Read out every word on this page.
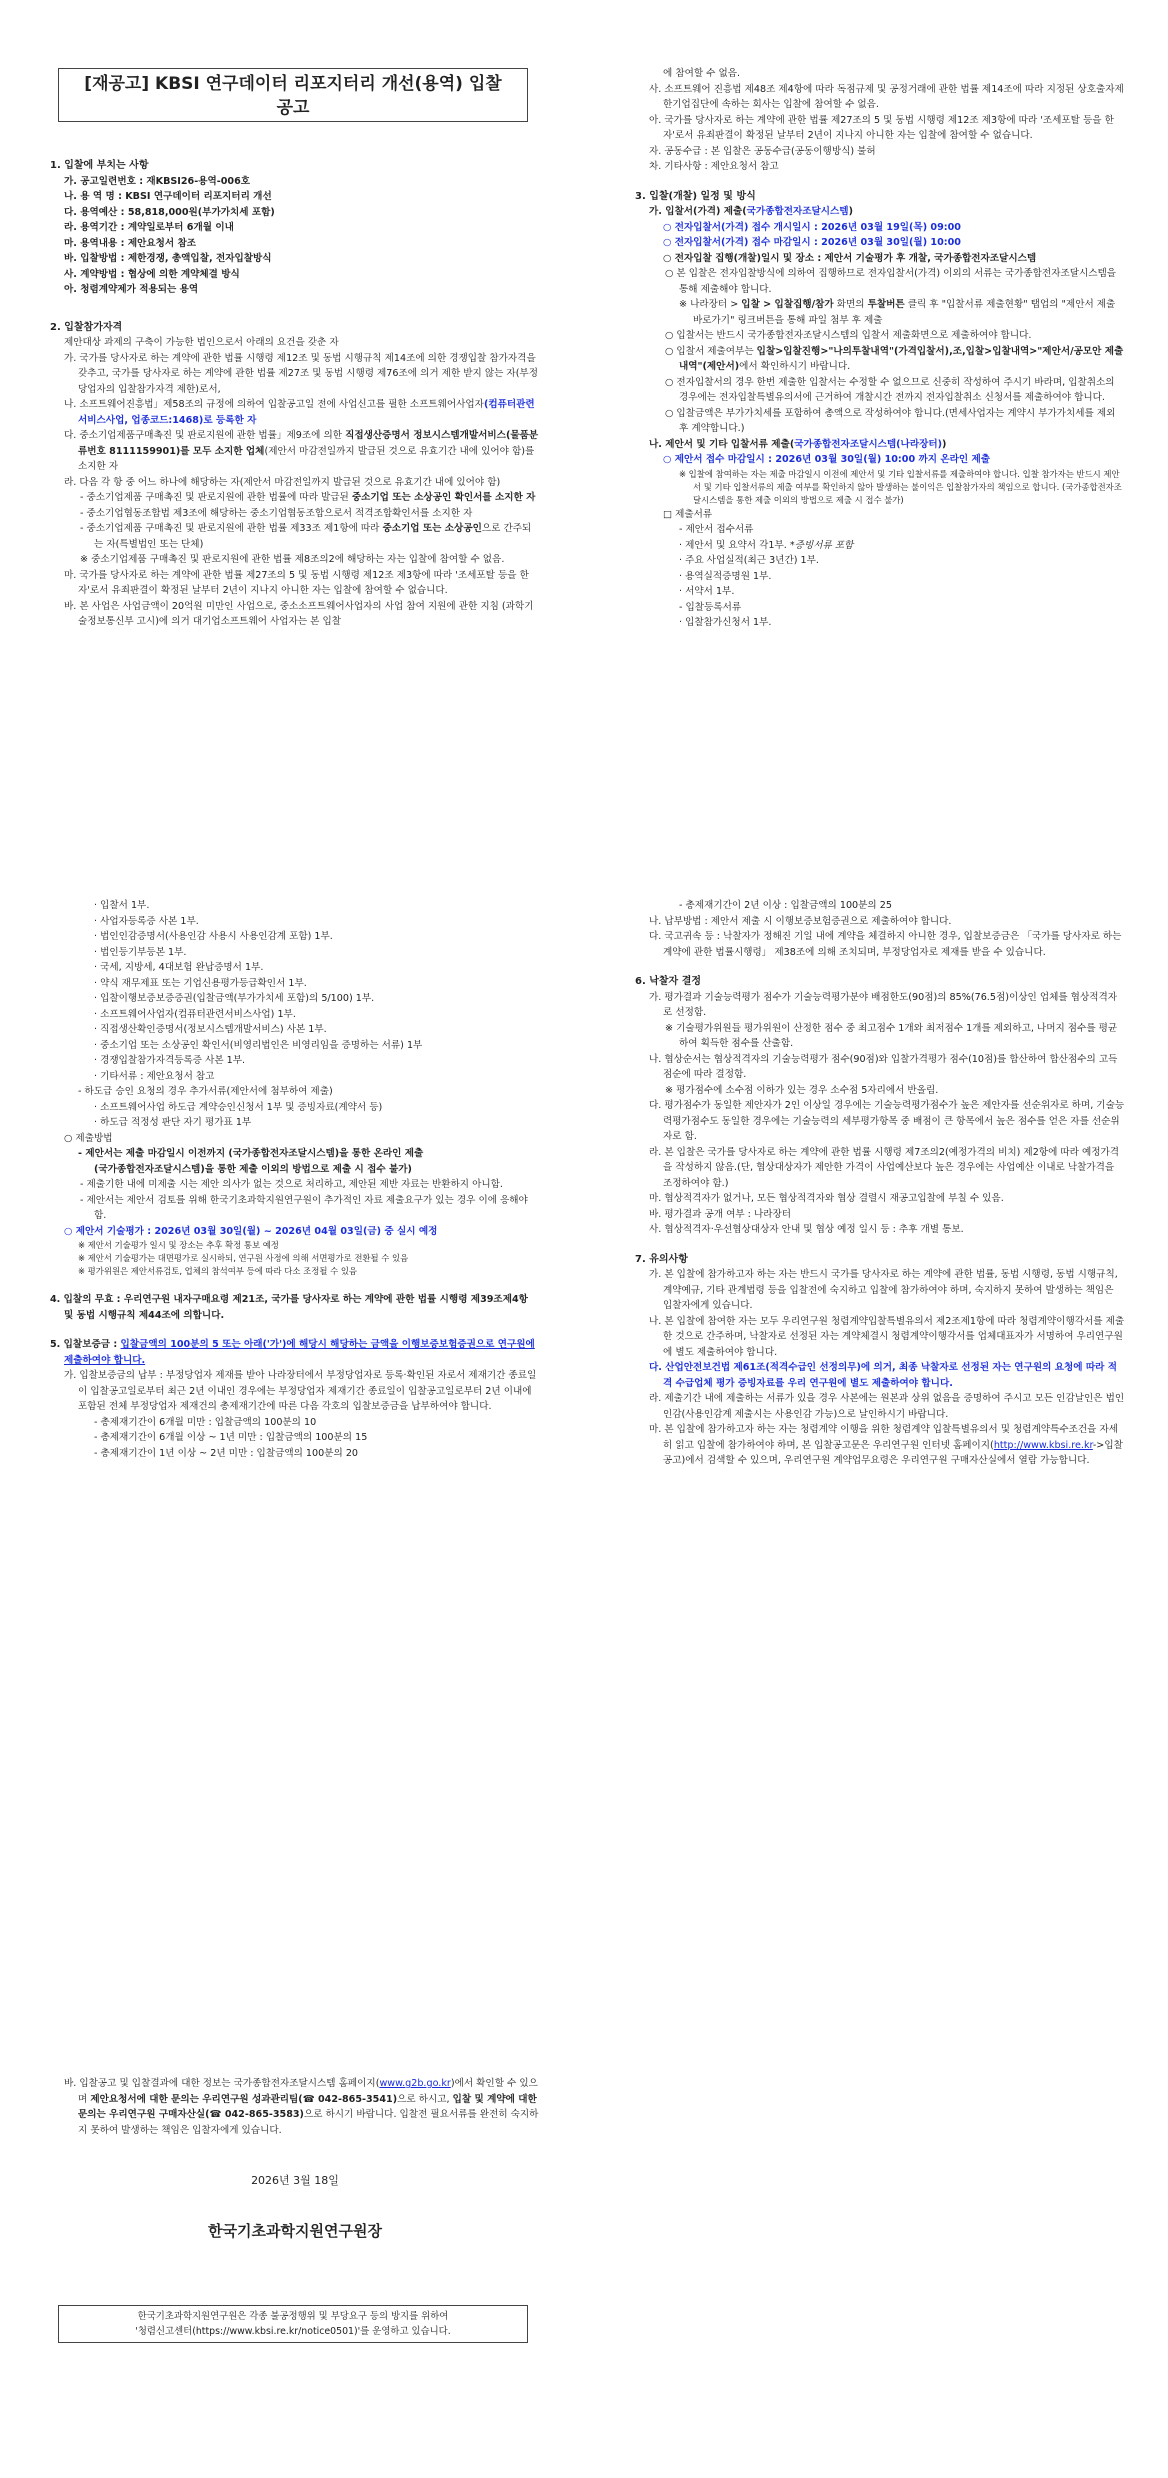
[재공고] KBSI 연구데이터 리포지터리 개선(용역) 입찰
공고

1. 입찰에 부치는 사항

가. 공고일련번호 : 재KBSI26-용역-006호

나. 용 역 명 : KBSI 연구데이터 리포지터리 개선

다. 용역예산 : 58,818,000원(부가가치세 포함)

라. 용역기간 : 계약일로부터 6개월 이내

마. 용역내용 : 제안요청서 참조

바. 입찰방법 : 제한경쟁, 총액입찰, 전자입찰방식

사. 계약방법 : 협상에 의한 계약체결 방식

아. 청렴계약제가 적용되는 용역

2. 입찰참가자격

제안대상 과제의 구축이 가능한 법인으로서 아래의 요건을 갖춘 자

가. 국가를 당사자로 하는 계약에 관한 법률 시행령 제12조 및 동법 시행규칙 제14조에 의한 경쟁입찰 참가자격을 갖추고, 국가를 당사자로 하는 계약에 관한 법률 제27조 및 동법 시행령 제76조에 의거 제한 받지 않는 자(부정당업자의 입찰참가자격 제한)로서,

나. 소프트웨어진흥법」제58조의 규정에 의하여 입찰공고일 전에 사업신고를 필한 소프트웨어사업자(컴퓨터관련서비스사업, 업종코드:1468)로 등록한 자

다. 중소기업제품구매촉진 및 판로지원에 관한 법률」제9조에 의한 직접생산증명서 정보시스템개발서비스(물품분류번호 8111159901)를 모두 소지한 업체(제안서 마감전일까지 발급된 것으로 유효기간 내에 있어야 함)를 소지한 자

라. 다음 각 항 중 어느 하나에 해당하는 자(제안서 마감전일까지 발급된 것으로 유효기간 내에 있어야 함)

- 중소기업제품 구매촉진 및 판로지원에 관한 법률에 따라 발급된 중소기업 또는 소상공인 확인서를 소지한 자

- 중소기업협동조합법 제3조에 해당하는 중소기업협동조합으로서 적격조합확인서를 소지한 자

- 중소기업제품 구매촉진 및 판로지원에 관한 법률 제33조 제1항에 따라 중소기업 또는 소상공인으로 간주되는 자(특별법인 또는 단체)

※ 중소기업제품 구매촉진 및 판로지원에 관한 법률 제8조의2에 해당하는 자는 입찰에 참여할 수 없음.

마. 국가를 당사자로 하는 계약에 관한 법률 제27조의 5 및 동법 시행령 제12조 제3항에 따라 '조세포탈 등을 한 자'로서 유죄판결이 확정된 날부터 2년이 지나지 아니한 자는 입찰에 참여할 수 없습니다.

바. 본 사업은 사업금액이 20억원 미만인 사업으로, 중소소프트웨어사업자의 사업 참여 지원에 관한 지침 (과학기술정보통신부 고시)에 의거 대기업소프트웨어 사업자는 본 입찰

에 참여할 수 없음.

사. 소프트웨어 진흥법 제48조 제4항에 따라 독점규제 및 공정거래에 관한 법률 제14조에 따라 지정된 상호출자제한기업집단에 속하는 회사는 입찰에 참여할 수 없음.

아. 국가를 당사자로 하는 계약에 관한 법률 제27조의 5 및 동법 시행령 제12조 제3항에 따라 '조세포탈 등을 한 자'로서 유죄판결이 확정된 날부터 2년이 지나지 아니한 자는 입찰에 참여할 수 없습니다.

자. 공동수급 : 본 입찰은 공동수급(공동이행방식) 불허

차. 기타사항 : 제안요청서 참고

3. 입찰(개찰) 일정 및 방식

가. 입찰서(가격) 제출(국가종합전자조달시스템)

○ 전자입찰서(가격) 접수 개시일시 : 2026년 03월 19일(목) 09:00

○ 전자입찰서(가격) 접수 마감일시 : 2026년 03월 30일(월) 10:00

○ 전자입찰 집행(개찰)일시 및 장소 : 제안서 기술평가 후 개찰, 국가종합전자조달시스템

○ 본 입찰은 전자입찰방식에 의하여 집행하므로 전자입찰서(가격) 이외의 서류는 국가종합전자조달시스템을 통해 제출해야 합니다.

※ 나라장터 > 입찰 > 입찰집행/참가 화면의 투찰버튼 클릭 후 "입찰서류 제출현황" 탭업의 "제안서 제출 바로가기" 링크버튼을 통해 파일 첨부 후 제출

○ 입찰서는 반드시 국가종합전자조달시스템의 입찰서 제출화면으로 제출하여야 합니다.

○ 입찰서 제출여부는 입찰>입찰진행>"나의투찰내역"(가격입찰서),조,입찰>입찰내역>"제안서/공모안 제출내역"(제안서)에서 확인하시기 바랍니다.

○ 전자입찰서의 경우 한번 제출한 입찰서는 수정할 수 없으므로 신중히 작성하여 주시기 바라며, 입찰취소의 경우에는 전자입찰특별유의서에 근거하여 개찰시간 전까지 전자입찰취소 신청서를 제출하여야 합니다.

○ 입찰금액은 부가가치세를 포함하여 총액으로 작성하여야 합니다.(면세사업자는 계약시 부가가치세를 제외 후 계약합니다.)

나. 제안서 및 기타 입찰서류 제출(국가종합전자조달시스템(나라장터))

○ 제안서 접수 마감일시 : 2026년 03월 30일(월) 10:00 까지 온라인 제출

※ 입찰에 참여하는 자는 제출 마감일시 이전에 제안서 및 기타 입찰서류를 제출하여야 합니다. 입찰 참가자는 반드시 제안서 및 기타 입찰서류의 제출 여부를 확인하지 않아 발생하는 불이익은 입찰참가자의 책임으로 합니다. (국가종합전자조달시스템을 통한 제출 이외의 방법으로 제출 시 접수 불가)

□ 제출서류

- 제안서 접수서류

· 제안서 및 요약서 각1부. *증빙서류 포함

· 주요 사업실적(최근 3년간) 1부.

· 용역실적증명원 1부.

· 서약서 1부.

- 입찰등록서류

· 입찰참가신청서 1부.

· 입찰서 1부.

· 사업자등록증 사본 1부.

· 법인인감증명서(사용인감 사용시 사용인감계 포함) 1부.

· 법인등기부등본 1부.

· 국세, 지방세, 4대보험 완납증명서 1부.

· 약식 재무제표 또는 기업신용평가등급확인서 1부.

· 입찰이행보증보증증권(입찰금액(부가가치세 포함)의 5/100) 1부.

· 소프트웨어사업자(컴퓨터관련서비스사업) 1부.

· 직접생산확인증명서(정보시스템개발서비스) 사본 1부.

· 중소기업 또는 소상공인 확인서(비영리법인은 비영리임을 증명하는 서류) 1부

· 경쟁입찰참가자격등록증 사본 1부.

· 기타서류 : 제안요청서 참고

- 하도급 승인 요청의 경우 추가서류(제안서에 첨부하여 제출)

· 소프트웨어사업 하도급 계약승인신청서 1부 및 증빙자료(계약서 등)

· 하도급 적정성 판단 자기 평가표 1부

○ 제출방법

- 제안서는 제출 마감일시 이전까지 (국가종합전자조달시스템)을 통한 온라인 제출

(국가종합전자조달시스템)을 통한 제출 이외의 방법으로 제출 시 접수 불가)

- 제출기한 내에 미제출 시는 제안 의사가 없는 것으로 처리하고, 제안된 제반 자료는 반환하지 아니함.

- 제안서는 제안서 검토를 위해 한국기초과학지원연구원이 추가적인 자료 제출요구가 있는 경우 이에 응해야 함.

○ 제안서 기술평가 : 2026년 03월 30일(월) ~ 2026년 04월 03일(금) 중 실시 예정

※ 제안서 기술평가 일시 및 장소는 추후 확정 통보 예정

※ 제안서 기술평가는 대면평가로 실시하되, 연구원 사정에 의해 서면평가로 전환될 수 있음

※ 평가위원은 제안서류검토, 업체의 참석여부 등에 따라 다소 조정될 수 있음

4. 입찰의 무효 : 우리연구원 내자구매요령 제21조, 국가를 당사자로 하는 계약에 관한 법률 시행령 제39조제4항 및 동법 시행규칙 제44조에 의합니다.

5. 입찰보증금 : 입찰금액의 100분의 5 또는 아래('가')에 해당시 해당하는 금액을 이행보증보험증권으로 연구원에 제출하여야 합니다.

가. 입찰보증금의 납부 : 부정당업자 제재를 받아 나라장터에서 부정당업자로 등록·확인된 자로서 제재기간 종료일이 입찰공고일로부터 최근 2년 이내인 경우에는 부정당업자 제재기간 종료일이 입찰공고일로부터 2년 이내에 포함된 전체 부정당업자 제재건의 총제재기간에 따른 다음 각호의 입찰보증금을 납부하여야 합니다.

- 총제재기간이 6개월 미만 : 입찰금액의 100분의 10

- 총제재기간이 6개월 이상 ~ 1년 미만 : 입찰금액의 100분의 15

- 총제재기간이 1년 이상 ~ 2년 미만 : 입찰금액의 100분의 20

- 총제재기간이 2년 이상 : 입찰금액의 100분의 25

나. 납부방법 : 제안서 제출 시 이행보증보험증권으로 제출하여야 합니다.

다. 국고귀속 등 : 낙찰자가 정해진 기일 내에 계약을 체결하지 아니한 경우, 입찰보증금은 「국가를 당사자로 하는 계약에 관한 법률시행령」 제38조에 의해 조치되며, 부정당업자로 제재를 받을 수 있습니다.

6. 낙찰자 결정

가. 평가결과 기술능력평가 점수가 기술능력평가분야 배점한도(90점)의 85%(76.5점)이상인 업체를 협상적격자로 선정함.

※ 기술평가위원들 평가위원이 산정한 점수 중 최고점수 1개와 최저점수 1개를 제외하고, 나머지 점수를 평균하여 획득한 점수를 산출함.

나. 협상순서는 협상적격자의 기술능력평가 점수(90점)와 입찰가격평가 점수(10점)를 합산하여 합산점수의 고득점순에 따라 결정함.

※ 평가점수에 소수점 이하가 있는 경우 소수점 5자리에서 반올림.

다. 평가점수가 동일한 제안자가 2인 이상일 경우에는 기술능력평가점수가 높은 제안자를 선순위자로 하며, 기술능력평가점수도 동일한 경우에는 기술능력의 세부평가항목 중 배점이 큰 항목에서 높은 점수를 얻은 자를 선순위자로 함.

라. 본 입찰은 국가를 당사자로 하는 계약에 관한 법률 시행령 제7조의2(예정가격의 비치) 제2항에 따라 예정가격을 작성하지 않음.(단, 협상대상자가 제안한 가격이 사업예산보다 높은 경우에는 사업예산 이내로 낙찰가격을 조정하여야 함.)

마. 협상적격자가 없거나, 모든 협상적격자와 협상 결렬시 재공고입찰에 부칠 수 있음.

바. 평가결과 공개 여부 : 나라장터

사. 협상적격자·우선협상대상자 안내 및 협상 예정 일시 등 : 추후 개별 통보.

7. 유의사항

가. 본 입찰에 참가하고자 하는 자는 반드시 국가를 당사자로 하는 계약에 관한 법률, 동법 시행령, 동법 시행규칙, 계약예규, 기타 관계법령 등을 입찰전에 숙지하고 입찰에 참가하여야 하며, 숙지하지 못하여 발생하는 책임은 입찰자에게 있습니다.

나. 본 입찰에 참여한 자는 모두 우리연구원 청렴계약입찰특별유의서 제2조제1항에 따라 청렴계약이행각서를 제출한 것으로 간주하며, 낙찰자로 선정된 자는 계약체결시 청렴계약이행각서를 업체대표자가 서명하여 우리연구원에 별도 제출하여야 합니다.

다. 산업안전보건법 제61조(적격수급인 선정의무)에 의거, 최종 낙찰자로 선정된 자는 연구원의 요청에 따라 적격 수급업체 평가 증빙자료를 우리 연구원에 별도 제출하여야 합니다.

라. 제출기간 내에 제출하는 서류가 있을 경우 사본에는 원본과 상위 없음을 증명하여 주시고 모든 인감날인은 법인인감(사용인감계 제출시는 사용인감 가능)으로 날인하시기 바랍니다.

마. 본 입찰에 참가하고자 하는 자는 청렴계약 이행을 위한 청렴계약 입찰특별유의서 및 청렴계약특수조건을 자세히 읽고 입찰에 참가하여야 하며, 본 입찰공고문은 우리연구원 인터넷 홈페이지(http://www.kbsi.re.kr->입찰공고)에서 검색할 수 있으며, 우리연구원 계약업무요령은 우리연구원 구매자산실에서 열람 가능합니다.

바. 입찰공고 및 입찰결과에 대한 정보는 국가종합전자조달시스템 홈페이지(www.g2b.go.kr)에서 확인할 수 있으며 제안요청서에 대한 문의는 우리연구원 성과관리팀(☎ 042-865-3541)으로 하시고, 입찰 및 계약에 대한 문의는 우리연구원 구매자산실(☎ 042-865-3583)으로 하시기 바랍니다. 입찰전 필요서류를 완전히 숙지하지 못하여 발생하는 책임은 입찰자에게 있습니다.

2026년 3월 18일
한국기초과학지원연구원장
한국기초과학지원연구원은 각종 불공정행위 및 부당요구 등의 방지를 위하여
'청렴신고센터(https://www.kbsi.re.kr/notice0501)'를 운영하고 있습니다.
